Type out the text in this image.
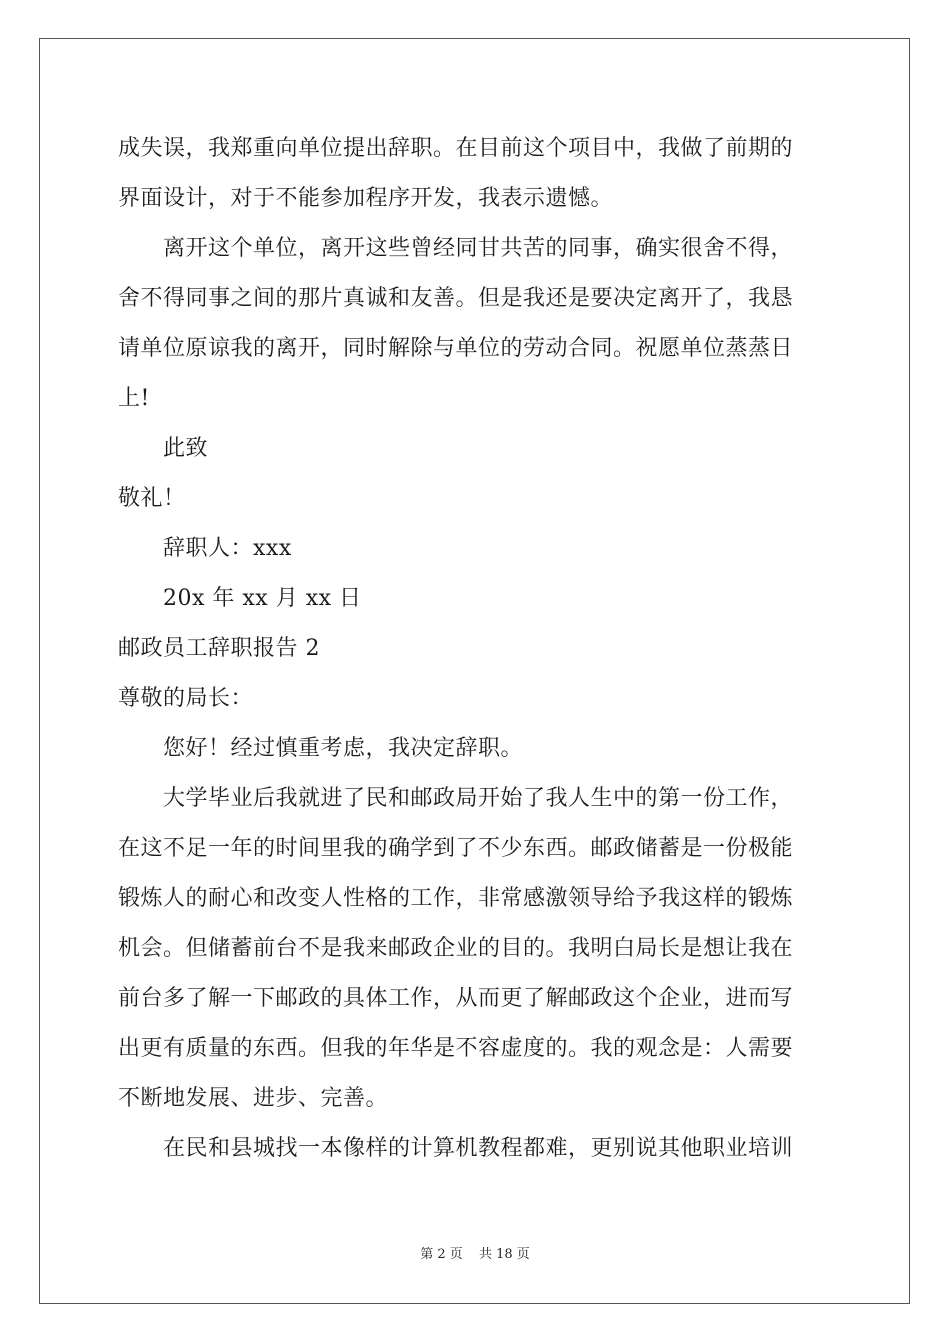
成失误，我郑重向单位提出辞职。在目前这个项目中，我做了前期的
界面设计，对于不能参加程序开发，我表示遗憾。
离开这个单位，离开这些曾经同甘共苦的同事，确实很舍不得，
舍不得同事之间的那片真诚和友善。但是我还是要决定离开了，我恳
请单位原谅我的离开，同时解除与单位的劳动合同。祝愿单位蒸蒸日
上!
此致
敬礼！
辞职人：xxx
20x 年 xx 月 xx 日
邮政员工辞职报告 2
尊敬的局长：
您好！经过慎重考虑，我决定辞职。
大学毕业后我就进了民和邮政局开始了我人生中的第一份工作，
在这不足一年的时间里我的确学到了不少东西。邮政储蓄是一份极能
锻炼人的耐心和改变人性格的工作，非常感激领导给予我这样的锻炼
机会。但储蓄前台不是我来邮政企业的目的。我明白局长是想让我在
前台多了解一下邮政的具体工作，从而更了解邮政这个企业，进而写
出更有质量的东西。但我的年华是不容虚度的。我的观念是：人需要
不断地发展、进步、完善。
在民和县城找一本像样的计算机教程都难，更别说其他职业培训
第 2 页 共 18 页
